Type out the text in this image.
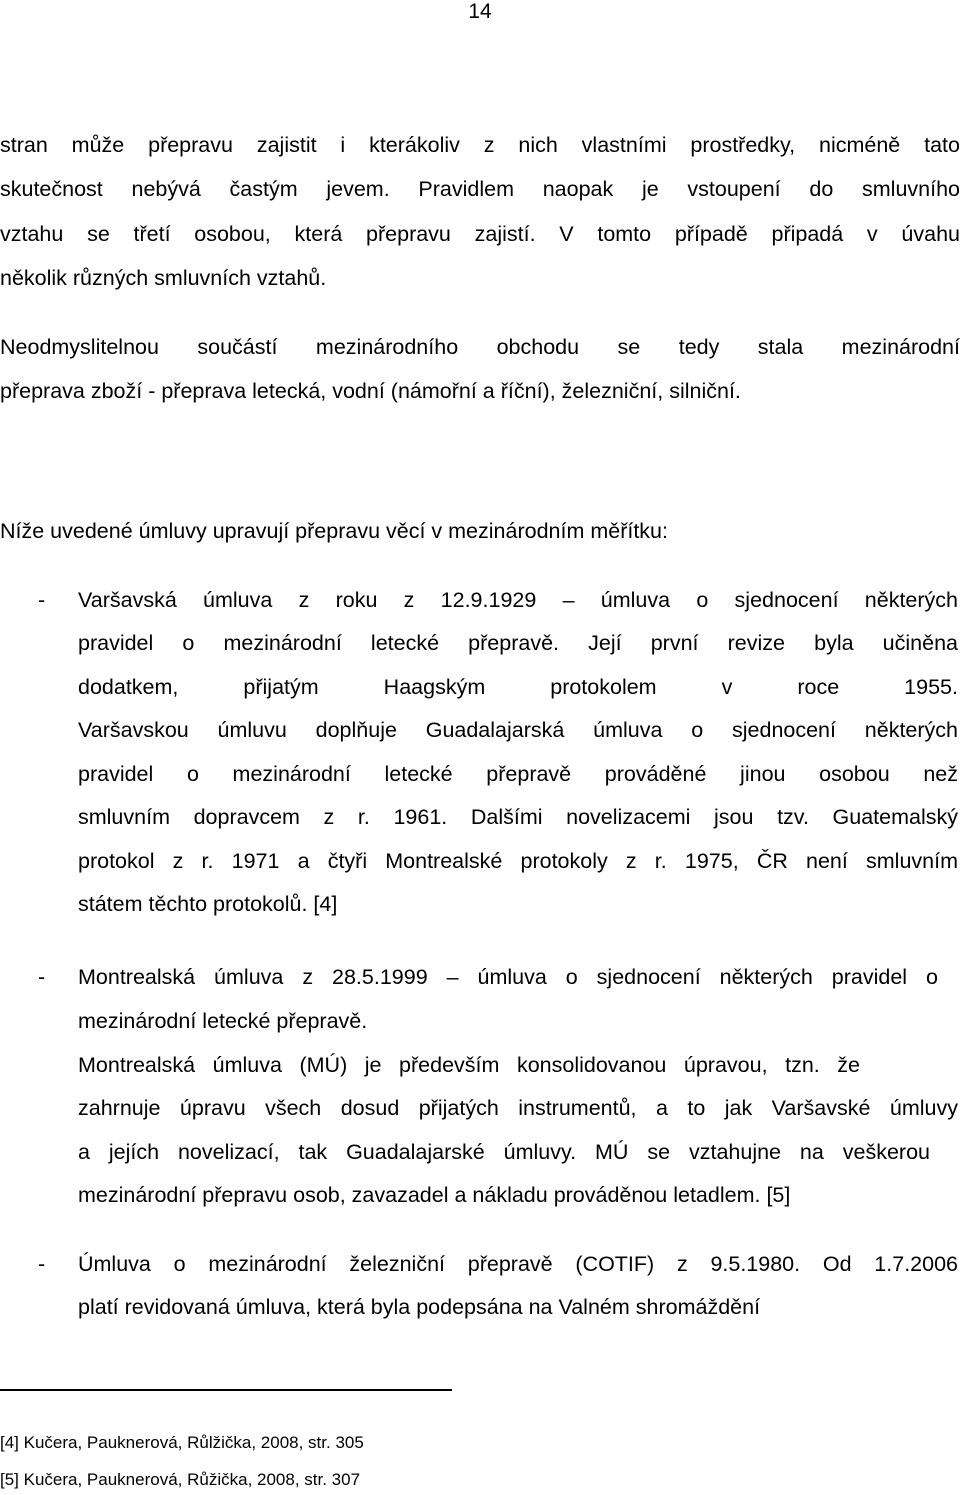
14
stran může přepravu zajistit i kterákoliv z nich vlastními prostředky, nicméně tato
skutečnost nebývá častým jevem. Pravidlem naopak je vstoupení do smluvního
vztahu se třetí osobou, která přepravu zajistí. V tomto případě připadá v úvahu
několik různých smluvních vztahů.
Neodmyslitelnou součástí mezinárodního obchodu se tedy stala mezinárodní
přeprava zboží - přeprava letecká, vodní (námořní a říční), železniční, silniční.
Níže uvedené úmluvy upravují přepravu věcí v mezinárodním měřítku:
- Varšavská úmluva z roku z 12.9.1929 – úmluva o sjednocení některých
pravidel o mezinárodní letecké přepravě. Její první revize byla učiněna
dodatkem, přijatým Haagským protokolem v roce 1955.
Varšavskou úmluvu doplňuje Guadalajarská úmluva o sjednocení některých
pravidel o mezinárodní letecké přepravě prováděné jinou osobou než
smluvním dopravcem z r. 1961. Dalšími novelizacemi jsou tzv. Guatemalský
protokol z r. 1971 a čtyři Montrealské protokoly z r. 1975, ČR není smluvním
státem těchto protokolů. [4]
- Montrealská úmluva z 28.5.1999 – úmluva o sjednocení některých pravidel o
mezinárodní letecké přepravě.
Montrealská úmluva (MÚ) je především konsolidovanou úpravou, tzn. že
zahrnuje úpravu všech dosud přijatých instrumentů, a to jak Varšavské úmluvy
a jejích novelizací, tak Guadalajarské úmluvy. MÚ se vztahujne na veškerou
mezinárodní přepravu osob, zavazadel a nákladu prováděnou letadlem. [5]
- Úmluva o mezinárodní železniční přepravě (COTIF) z 9.5.1980. Od 1.7.2006
platí revidovaná úmluva, která byla podepsána na Valném shromáždění
[4] Kučera, Pauknerová, Růlžička, 2008, str. 305
[5] Kučera, Pauknerová, Růžička, 2008, str. 307
